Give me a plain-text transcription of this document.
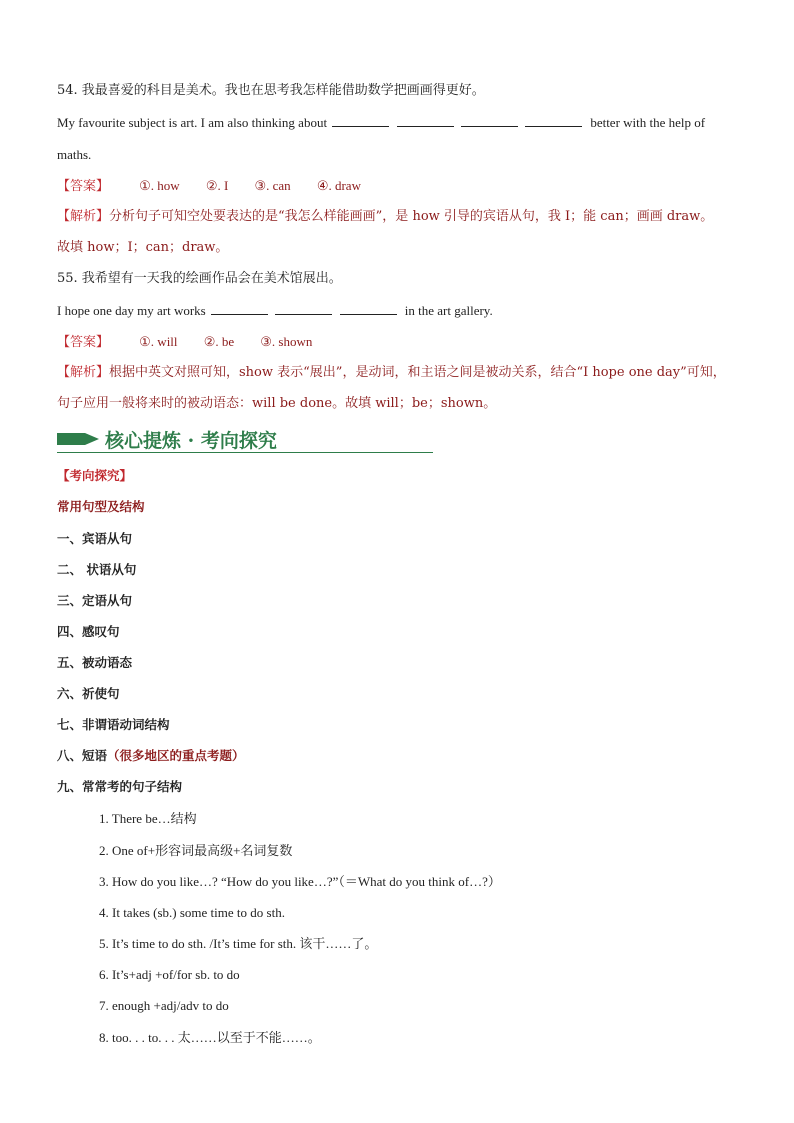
54. 我最喜爱的科目是美术。我也在思考我怎样能借助数学把画画得更好。
My favourite subject is art. I am also thinking about	better with the help of
maths.
【答案】 ①. how ②. I ③. can ④. draw
【解析】分析句子可知空处要表达的是“我怎么样能画画”，是 how 引导的宾语从句，我 I；能 can；画画 draw。
故填 how；I；can；draw。
55. 我希望有一天我的绘画作品会在美术馆展出。
I hope one day my art works	in the art gallery.
【答案】 ①. will ②. be ③. shown
【解析】根据中英文对照可知，show 表示“展出”，是动词，和主语之间是被动关系，结合“I hope one day”可知，
句子应用一般将来时的被动语态：will be done。故填 will；be；shown。
核心提炼 · 考向探究
【考向探究】
常用句型及结构
一、宾语从句
二、 状语从句
三、定语从句
四、感叹句
五、被动语态
六、祈使句
七、非谓语动词结构
八、短语（很多地区的重点考题）
九、常常考的句子结构
1. There be…结构
2. One of+形容词最高级+名词复数
3. How do you like…? “How do you like…?”（＝What do you think of…?）
4. It takes (sb.) some time to do sth.
5. It’s time to do sth. /It’s time for sth. 该干……了。
6. It’s+adj +of/for sb. to do
7. enough +adj/adv to do
8. too. . . to. . . 太……以至于不能……。
